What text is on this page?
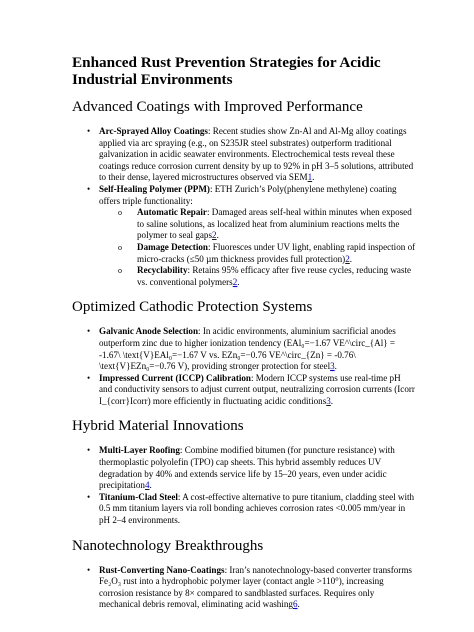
Enhanced Rust Prevention Strategies for Acidic Industrial Environments
Advanced Coatings with Improved Performance
• Arc-Sprayed Alloy Coatings: Recent studies show Zn-Al and Al-Mg alloy coatings applied via arc spraying (e.g., on S235JR steel substrates) outperform traditional galvanization in acidic seawater environments. Electrochemical tests reveal these coatings reduce corrosion current density by up to 92% in pH 3–5 solutions, attributed to their dense, layered microstructures observed via SEM1.
• Self-Healing Polymer (PPM): ETH Zurich’s Poly(phenylene methylene) coating offers triple functionality:
o Automatic Repair: Damaged areas self-heal within minutes when exposed to saline solutions, as localized heat from aluminium reactions melts the polymer to seal gaps2.
o Damage Detection: Fluoresces under UV light, enabling rapid inspection of micro-cracks (≤50 µm thickness provides full protection)2.
o Recyclability: Retains 95% efficacy after five reuse cycles, reducing waste vs. conventional polymers2.
Optimized Cathodic Protection Systems
• Galvanic Anode Selection: In acidic environments, aluminium sacrificial anodes outperform zinc due to higher ionization tendency (EAl₀=−1.67 VE^\circ_{Al} = -1.67\ \text{V}EAl₀=−1.67 V vs. EZn₀=−0.76 VE^\circ_{Zn} = -0.76\ \text{V}EZn₀=−0.76 V), providing stronger protection for steel3.
• Impressed Current (ICCP) Calibration: Modern ICCP systems use real-time pH and conductivity sensors to adjust current output, neutralizing corrosion currents (Icorr I_{corr}Icorr) more efficiently in fluctuating acidic conditions3.
Hybrid Material Innovations
• Multi-Layer Roofing: Combine modified bitumen (for puncture resistance) with thermoplastic polyolefin (TPO) cap sheets. This hybrid assembly reduces UV degradation by 40% and extends service life by 15–20 years, even under acidic precipitation4.
• Titanium-Clad Steel: A cost-effective alternative to pure titanium, cladding steel with 0.5 mm titanium layers via roll bonding achieves corrosion rates <0.005 mm/year in pH 2–4 environments.
Nanotechnology Breakthroughs
• Rust-Converting Nano-Coatings: Iran’s nanotechnology-based converter transforms Fe₂O₃ rust into a hydrophobic polymer layer (contact angle >110°), increasing corrosion resistance by 8× compared to sandblasted surfaces. Requires only mechanical debris removal, eliminating acid washing6.
